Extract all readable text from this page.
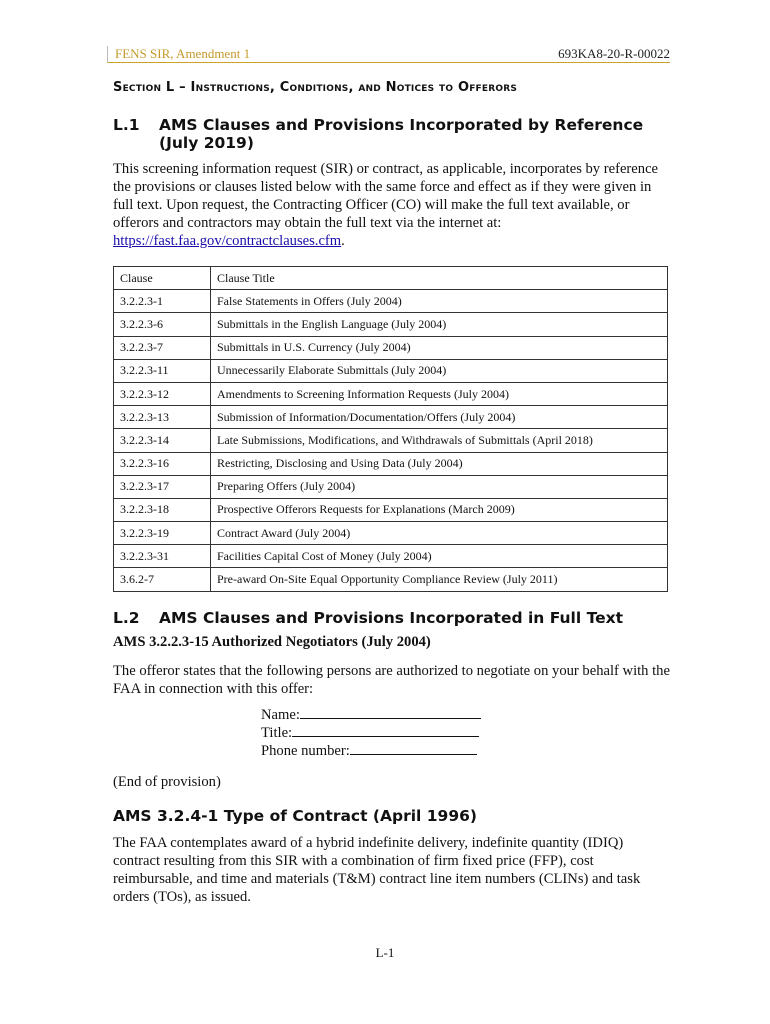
FENS SIR, Amendment 1	693KA8-20-R-00022
Section L – Instructions, Conditions, and Notices to Offerors
L.1 AMS Clauses and Provisions Incorporated by Reference (July 2019)
This screening information request (SIR) or contract, as applicable, incorporates by reference the provisions or clauses listed below with the same force and effect as if they were given in full text. Upon request, the Contracting Officer (CO) will make the full text available, or offerors and contractors may obtain the full text via the internet at: https://fast.faa.gov/contractclauses.cfm.
Clause	Clause Title
3.2.2.3-1	False Statements in Offers (July 2004)
3.2.2.3-6	Submittals in the English Language (July 2004)
3.2.2.3-7	Submittals in U.S. Currency (July 2004)
3.2.2.3-11	Unnecessarily Elaborate Submittals (July 2004)
3.2.2.3-12	Amendments to Screening Information Requests (July 2004)
3.2.2.3-13	Submission of Information/Documentation/Offers (July 2004)
3.2.2.3-14	Late Submissions, Modifications, and Withdrawals of Submittals (April 2018)
3.2.2.3-16	Restricting, Disclosing and Using Data (July 2004)
3.2.2.3-17	Preparing Offers (July 2004)
3.2.2.3-18	Prospective Offerors Requests for Explanations (March 2009)
3.2.2.3-19	Contract Award (July 2004)
3.2.2.3-31	Facilities Capital Cost of Money (July 2004)
3.6.2-7	Pre-award On-Site Equal Opportunity Compliance Review (July 2011)
L.2 AMS Clauses and Provisions Incorporated in Full Text
AMS 3.2.2.3-15 Authorized Negotiators (July 2004)
The offeror states that the following persons are authorized to negotiate on your behalf with the FAA in connection with this offer:
Name:
Title:
Phone number:
(End of provision)
AMS 3.2.4-1 Type of Contract (April 1996)
The FAA contemplates award of a hybrid indefinite delivery, indefinite quantity (IDIQ) contract resulting from this SIR with a combination of firm fixed price (FFP), cost reimbursable, and time and materials (T&M) contract line item numbers (CLINs) and task orders (TOs), as issued.
L-1
